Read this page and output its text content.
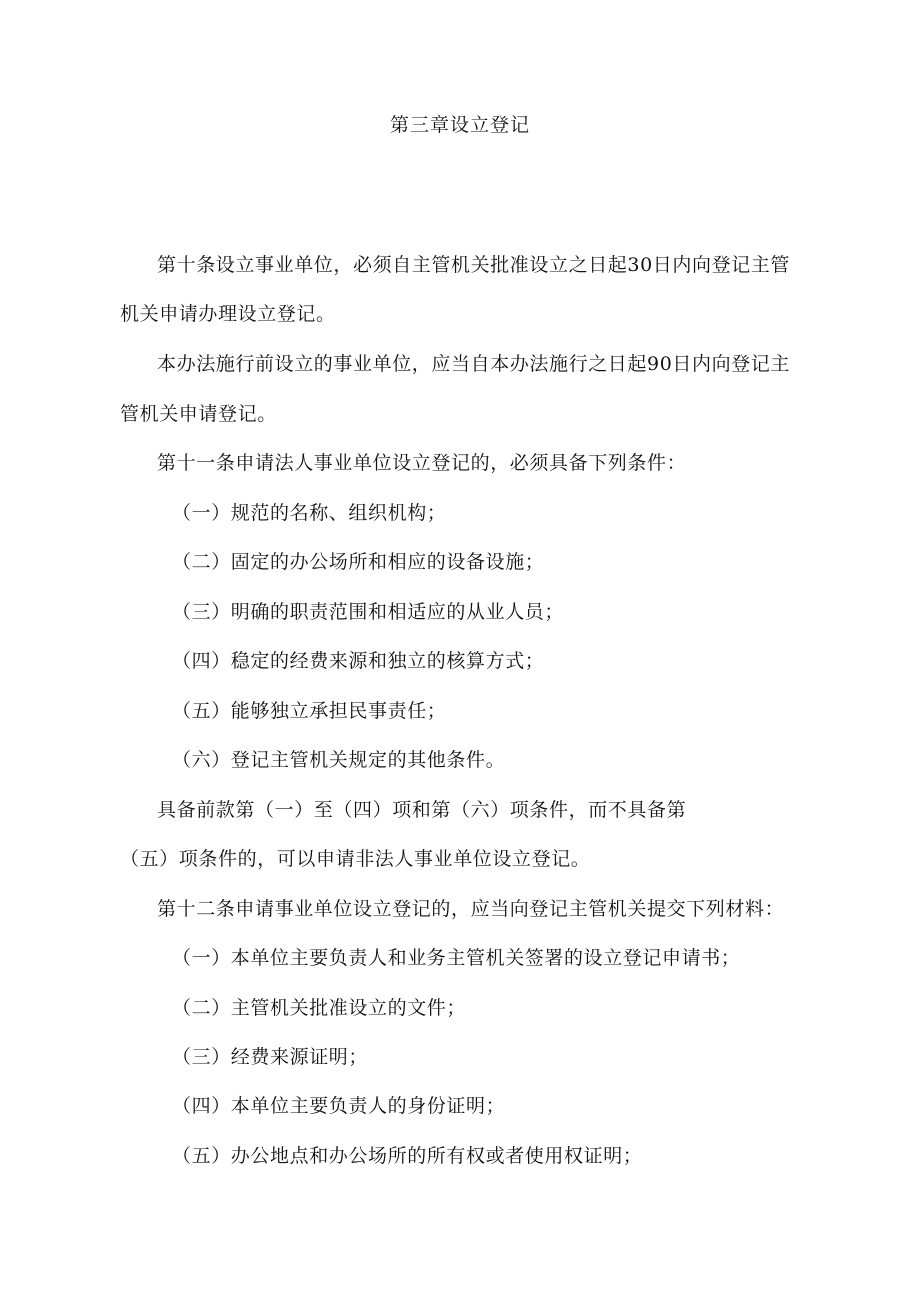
第三章设立登记
第十条设立事业单位，必须自主管机关批准设立之日起30日内向登记主管
机关申请办理设立登记。
本办法施行前设立的事业单位，应当自本办法施行之日起90日内向登记主
管机关申请登记。
第十一条申请法人事业单位设立登记的，必须具备下列条件：
（一）规范的名称、组织机构；
（二）固定的办公场所和相应的设备设施；
（三）明确的职责范围和相适应的从业人员；
（四）稳定的经费来源和独立的核算方式；
（五）能够独立承担民事责任；
（六）登记主管机关规定的其他条件。
具备前款第（一）至（四）项和第（六）项条件，而不具备第
（五）项条件的，可以申请非法人事业单位设立登记。
第十二条申请事业单位设立登记的，应当向登记主管机关提交下列材料：
（一）本单位主要负责人和业务主管机关签署的设立登记申请书；
（二）主管机关批准设立的文件；
（三）经费来源证明；
（四）本单位主要负责人的身份证明；
（五）办公地点和办公场所的所有权或者使用权证明；
